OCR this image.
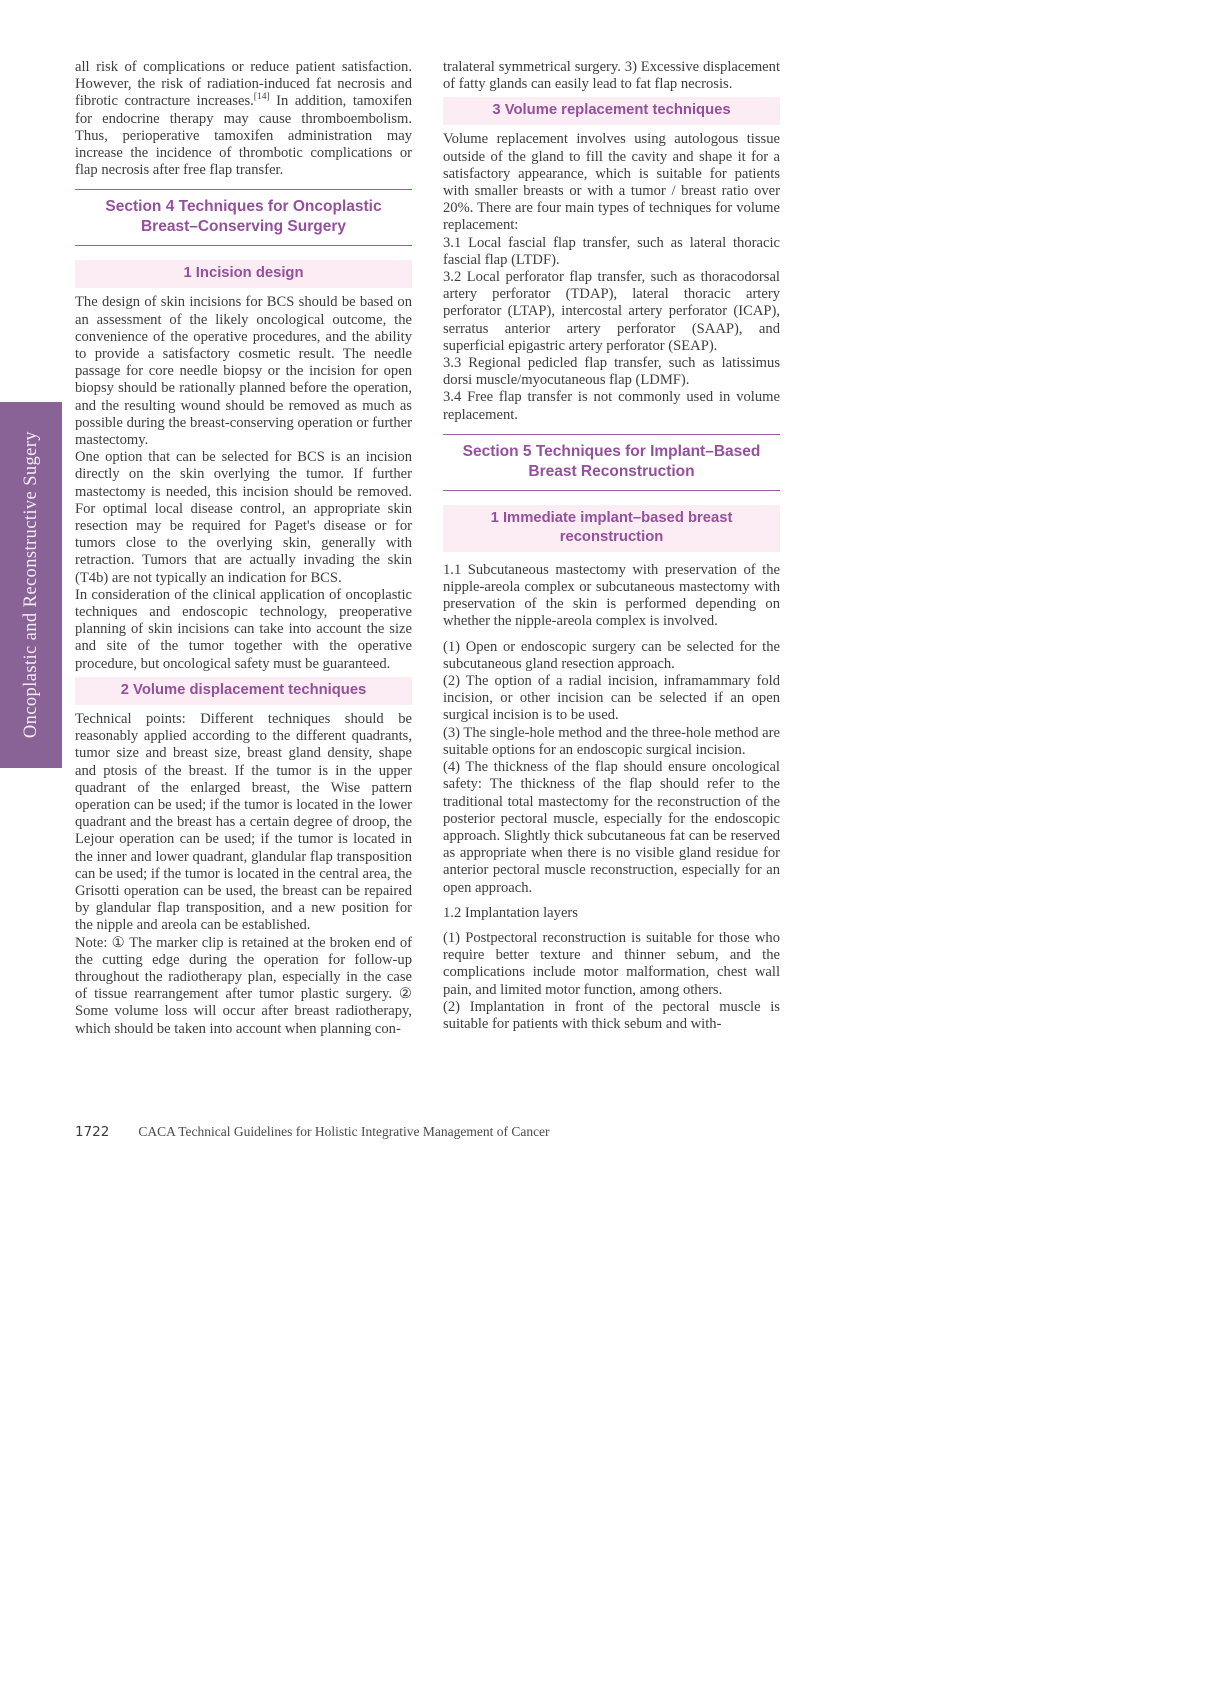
Oncoplastic and Reconstructive Sugery

all risk of complications or reduce patient satisfaction. However, the risk of radiation-induced fat necrosis and fibrotic contracture increases.[14] In addition, tamoxifen for endocrine therapy may cause thromboembolism. Thus, perioperative tamoxifen administration may increase the incidence of thrombotic complications or flap necrosis after free flap transfer.

Section 4 Techniques for Oncoplastic
Breast–Conserving Surgery
1 Incision design

The design of skin incisions for BCS should be based on an assessment of the likely oncological outcome, the convenience of the operative procedures, and the ability to provide a satisfactory cosmetic result. The needle passage for core needle biopsy or the incision for open biopsy should be rationally planned before the operation, and the resulting wound should be removed as much as possible during the breast-conserving operation or further mastectomy.

One option that can be selected for BCS is an incision directly on the skin overlying the tumor. If further mastectomy is needed, this incision should be removed. For optimal local disease control, an appropriate skin resection may be required for Paget's disease or for tumors close to the overlying skin, generally with retraction. Tumors that are actually invading the skin (T4b) are not typically an indication for BCS.

In consideration of the clinical application of oncoplastic techniques and endoscopic technology, preoperative planning of skin incisions can take into account the size and site of the tumor together with the operative procedure, but oncological safety must be guaranteed.

2 Volume displacement techniques

Technical points: Different techniques should be reasonably applied according to the different quadrants, tumor size and breast size, breast gland density, shape and ptosis of the breast. If the tumor is in the upper quadrant of the enlarged breast, the Wise pattern operation can be used; if the tumor is located in the lower quadrant and the breast has a certain degree of droop, the Lejour operation can be used; if the tumor is located in the inner and lower quadrant, glandular flap transposition can be used; if the tumor is located in the central area, the Grisotti operation can be used, the breast can be repaired by glandular flap transposition, and a new position for the nipple and areola can be established.

Note: ① The marker clip is retained at the broken end of the cutting edge during the operation for follow-up throughout the radiotherapy plan, especially in the case of tissue rearrangement after tumor plastic surgery. ② Some volume loss will occur after breast radiotherapy, which should be taken into account when planning con-

tralateral symmetrical surgery. 3) Excessive displacement of fatty glands can easily lead to fat flap necrosis.

3 Volume replacement techniques

Volume replacement involves using autologous tissue outside of the gland to fill the cavity and shape it for a satisfactory appearance, which is suitable for patients with smaller breasts or with a tumor / breast ratio over 20%. There are four main types of techniques for volume replacement:

3.1 Local fascial flap transfer, such as lateral thoracic fascial flap (LTDF).

3.2 Local perforator flap transfer, such as thoracodorsal artery perforator (TDAP), lateral thoracic artery perforator (LTAP), intercostal artery perforator (ICAP), serratus anterior artery perforator (SAAP), and superficial epigastric artery perforator (SEAP).

3.3 Regional pedicled flap transfer, such as latissimus dorsi muscle/myocutaneous flap (LDMF).

3.4 Free flap transfer is not commonly used in volume replacement.

Section 5 Techniques for Implant–Based
Breast Reconstruction
1 Immediate implant–based breast
reconstruction

1.1 Subcutaneous mastectomy with preservation of the nipple-areola complex or subcutaneous mastectomy with preservation of the skin is performed depending on whether the nipple-areola complex is involved.

(1) Open or endoscopic surgery can be selected for the subcutaneous gland resection approach.

(2) The option of a radial incision, inframammary fold incision, or other incision can be selected if an open surgical incision is to be used.

(3) The single-hole method and the three-hole method are suitable options for an endoscopic surgical incision.

(4) The thickness of the flap should ensure oncological safety: The thickness of the flap should refer to the traditional total mastectomy for the reconstruction of the posterior pectoral muscle, especially for the endoscopic approach. Slightly thick subcutaneous fat can be reserved as appropriate when there is no visible gland residue for anterior pectoral muscle reconstruction, especially for an open approach.

1.2 Implantation layers

(1) Postpectoral reconstruction is suitable for those who require better texture and thinner sebum, and the complications include motor malformation, chest wall pain, and limited motor function, among others.

(2) Implantation in front of the pectoral muscle is suitable for patients with thick sebum and with-

1722 CACA Technical Guidelines for Holistic Integrative Management of Cancer
